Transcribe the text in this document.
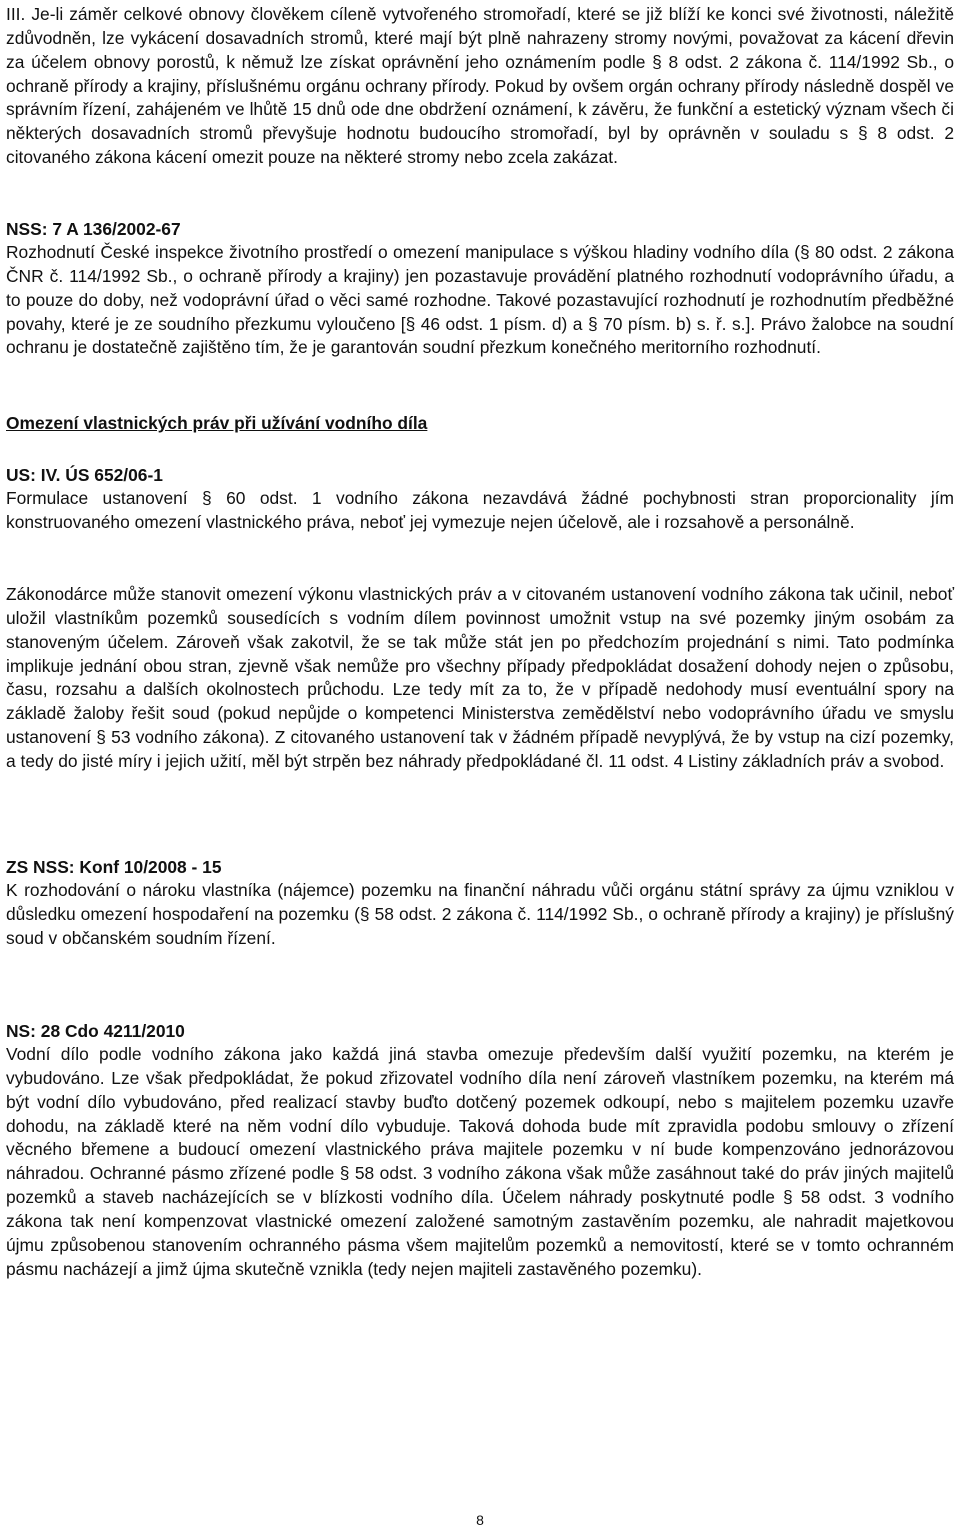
III. Je-li záměr celkové obnovy člověkem cíleně vytvořeného stromořadí, které se již blíží ke konci své životnosti, náležitě zdůvodněn, lze vykácení dosavadních stromů, které mají být plně nahrazeny stromy novými, považovat za kácení dřevin za účelem obnovy porostů, k němuž lze získat oprávnění jeho oznámením podle § 8 odst. 2 zákona č. 114/1992 Sb., o ochraně přírody a krajiny, příslušnému orgánu ochrany přírody. Pokud by ovšem orgán ochrany přírody následně dospěl ve správním řízení, zahájeném ve lhůtě 15 dnů ode dne obdržení oznámení, k závěru, že funkční a estetický význam všech či některých dosavadních stromů převyšuje hodnotu budoucího stromořadí, byl by oprávněn v souladu s § 8 odst. 2 citovaného zákona kácení omezit pouze na některé stromy nebo zcela zakázat.

NSS: 7 A 136/2002-67

Rozhodnutí České inspekce životního prostředí o omezení manipulace s výškou hladiny vodního díla (§ 80 odst. 2 zákona ČNR č. 114/1992 Sb., o ochraně přírody a krajiny) jen pozastavuje provádění platného rozhodnutí vodoprávního úřadu, a to pouze do doby, než vodoprávní úřad o věci samé rozhodne. Takové pozastavující rozhodnutí je rozhodnutím předběžné povahy, které je ze soudního přezkumu vyloučeno [§ 46 odst. 1 písm. d) a § 70 písm. b) s. ř. s.]. Právo žalobce na soudní ochranu je dostatečně zajištěno tím, že je garantován soudní přezkum konečného meritorního rozhodnutí.

Omezení vlastnických práv při užívání vodního díla

US: IV. ÚS 652/06-1

Formulace ustanovení § 60 odst. 1 vodního zákona nezavdává žádné pochybnosti stran proporcionality jím konstruovaného omezení vlastnického práva, neboť jej vymezuje nejen účelově, ale i rozsahově a personálně.

Zákonodárce může stanovit omezení výkonu vlastnických práv a v citovaném ustanovení vodního zákona tak učinil, neboť uložil vlastníkům pozemků sousedících s vodním dílem povinnost umožnit vstup na své pozemky jiným osobám za stanoveným účelem. Zároveň však zakotvil, že se tak může stát jen po předchozím projednání s nimi. Tato podmínka implikuje jednání obou stran, zjevně však nemůže pro všechny případy předpokládat dosažení dohody nejen o způsobu, času, rozsahu a dalších okolnostech průchodu. Lze tedy mít za to, že v případě nedohody musí eventuální spory na základě žaloby řešit soud (pokud nepůjde o kompetenci Ministerstva zemědělství nebo vodoprávního úřadu ve smyslu ustanovení § 53 vodního zákona). Z citovaného ustanovení tak v žádném případě nevyplývá, že by vstup na cizí pozemky, a tedy do jisté míry i jejich užití, měl být strpěn bez náhrady předpokládané čl. 11 odst. 4 Listiny základních práv a svobod.

ZS NSS: Konf 10/2008 - 15

K rozhodování o nároku vlastníka (nájemce) pozemku na finanční náhradu vůči orgánu státní správy za újmu vzniklou v důsledku omezení hospodaření na pozemku (§ 58 odst. 2 zákona č. 114/1992 Sb., o ochraně přírody a krajiny) je příslušný soud v občanském soudním řízení.

NS: 28 Cdo 4211/2010

Vodní dílo podle vodního zákona jako každá jiná stavba omezuje především další využití pozemku, na kterém je vybudováno. Lze však předpokládat, že pokud zřizovatel vodního díla není zároveň vlastníkem pozemku, na kterém má být vodní dílo vybudováno, před realizací stavby buďto dotčený pozemek odkoupí, nebo s majitelem pozemku uzavře dohodu, na základě které na něm vodní dílo vybuduje. Taková dohoda bude mít zpravidla podobu smlouvy o zřízení věcného břemene a budoucí omezení vlastnického práva majitele pozemku v ní bude kompenzováno jednorázovou náhradou. Ochranné pásmo zřízené podle § 58 odst. 3 vodního zákona však může zasáhnout také do práv jiných majitelů pozemků a staveb nacházejících se v blízkosti vodního díla. Účelem náhrady poskytnuté podle § 58 odst. 3 vodního zákona tak není kompenzovat vlastnické omezení založené samotným zastavěním pozemku, ale nahradit majetkovou újmu způsobenou stanovením ochranného pásma všem majitelům pozemků a nemovitostí, které se v tomto ochranném pásmu nacházejí a jimž újma skutečně vznikla (tedy nejen majiteli zastavěného pozemku).

8
